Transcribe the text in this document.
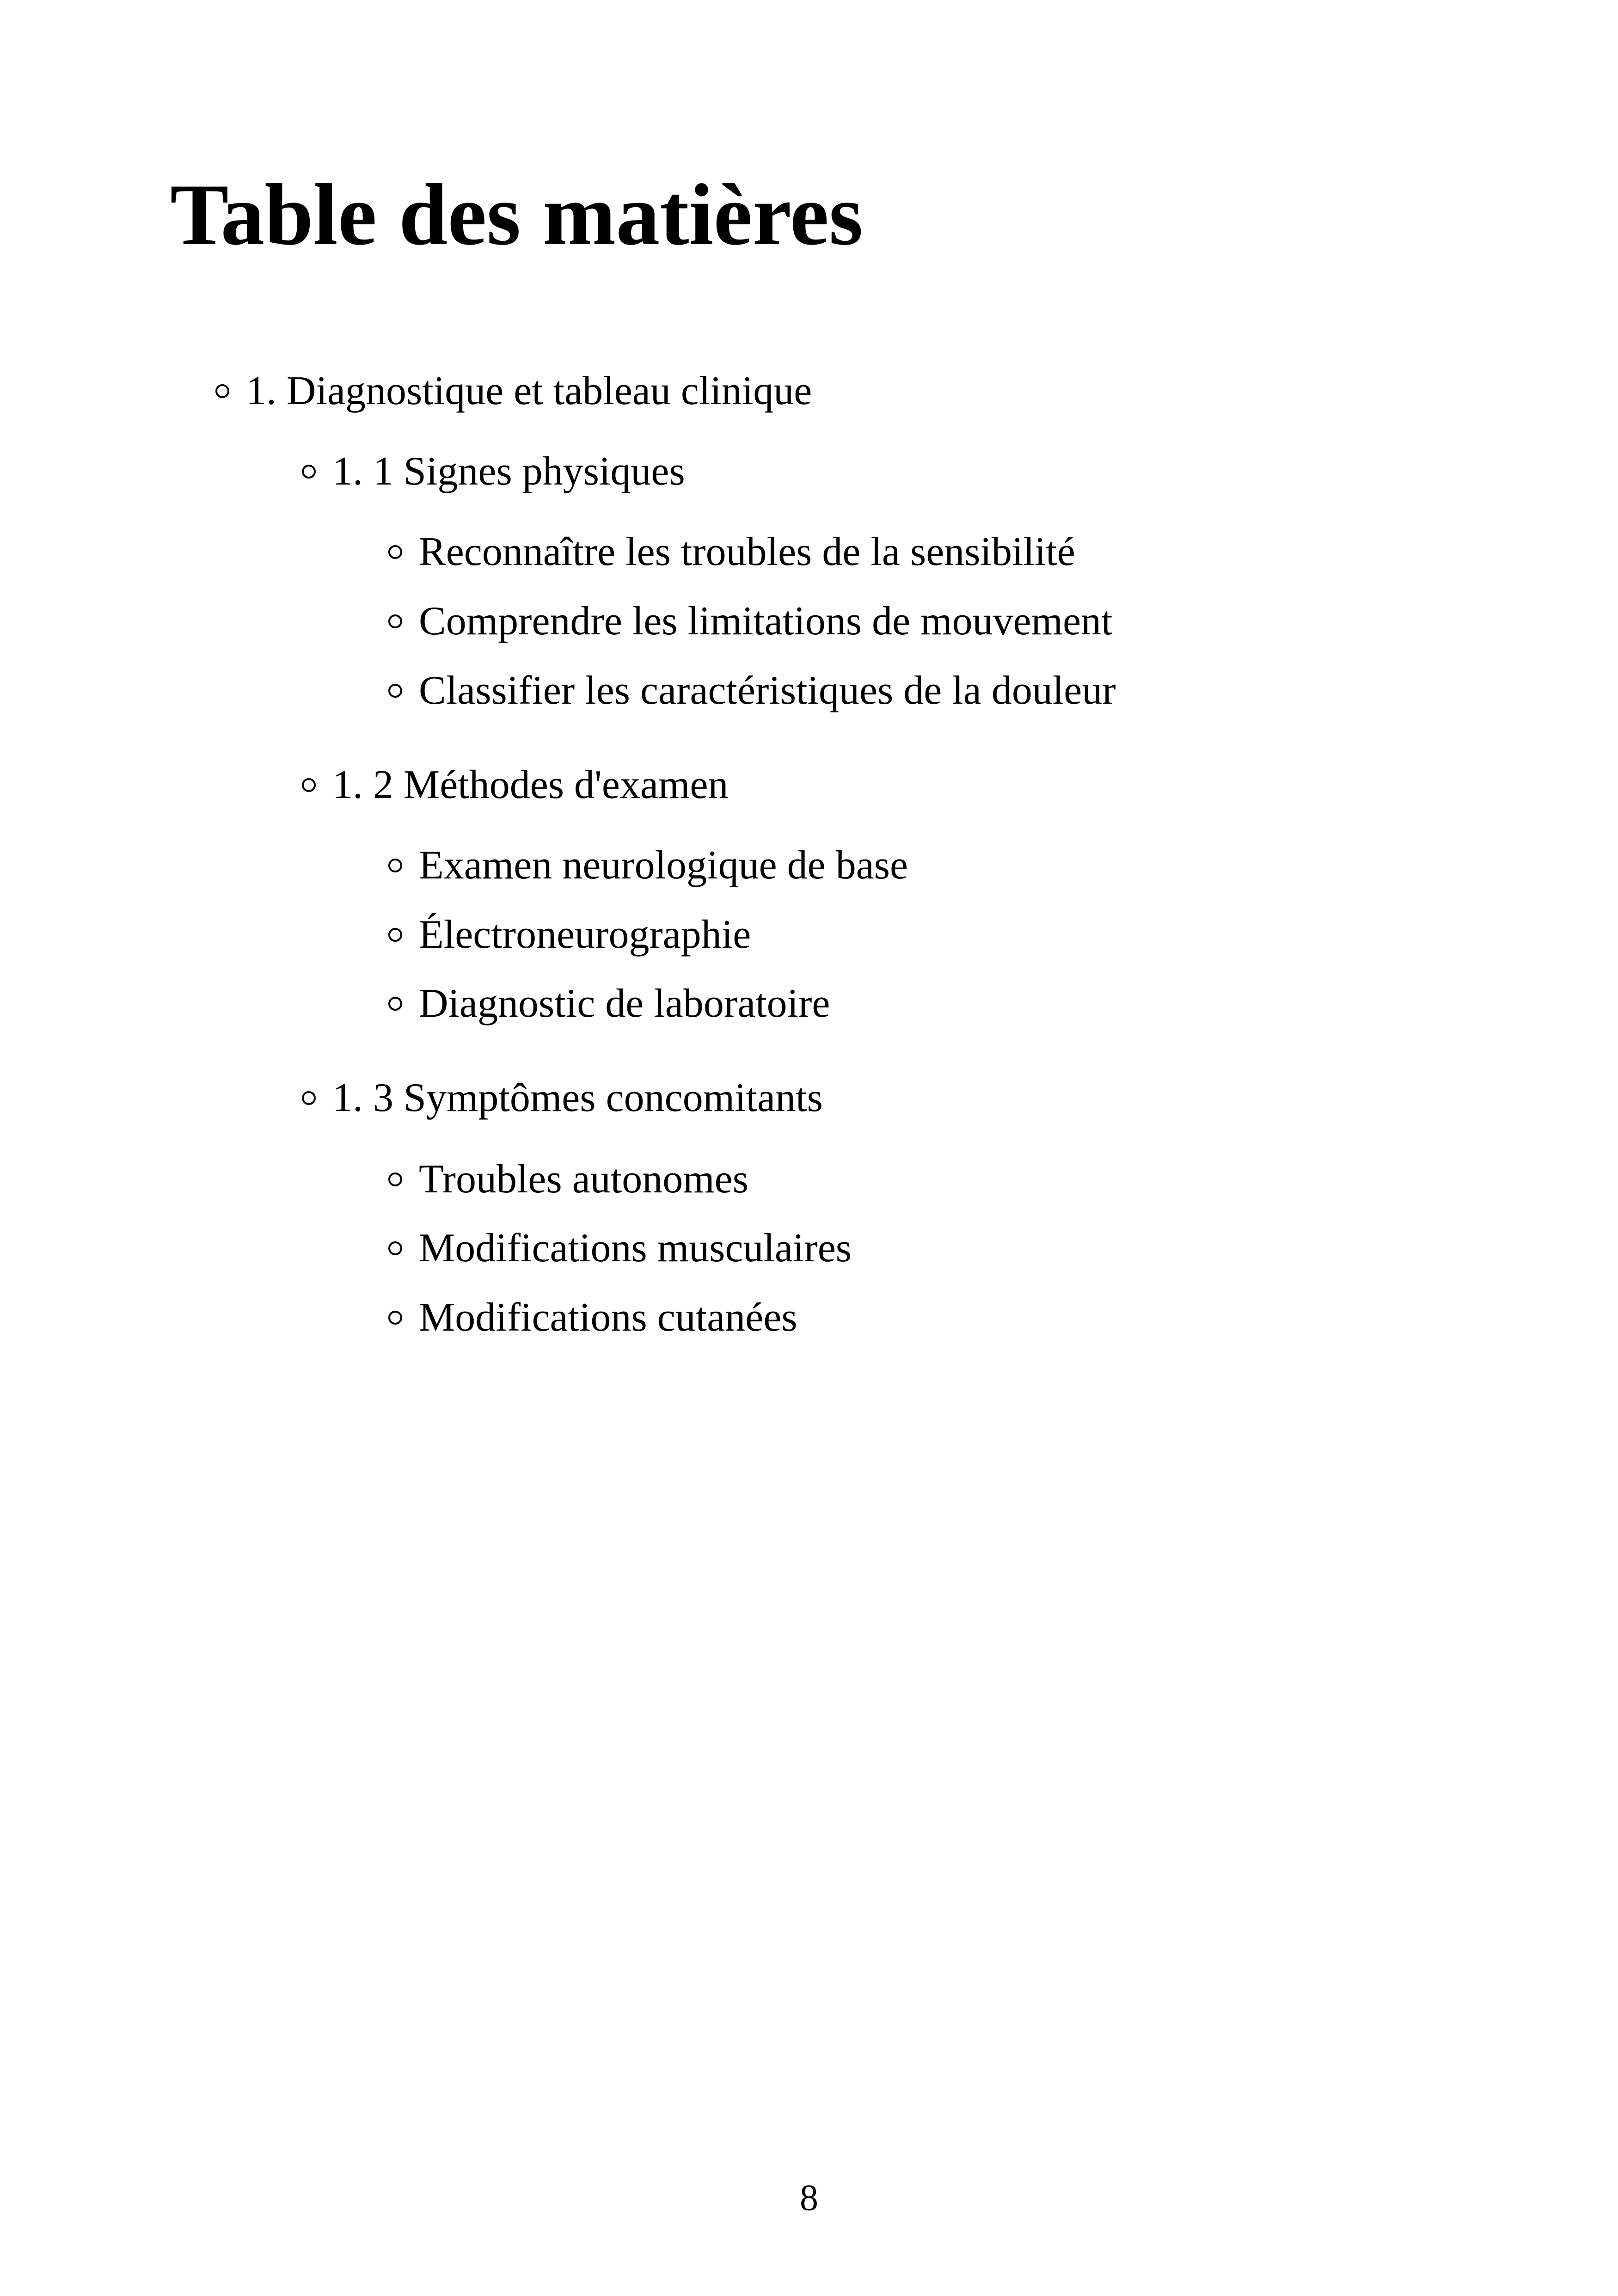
Table des matières
1. Diagnostique et tableau clinique
1. 1 Signes physiques
Reconnaître les troubles de la sensibilité
Comprendre les limitations de mouvement
Classifier les caractéristiques de la douleur
1. 2 Méthodes d'examen
Examen neurologique de base
Électroneurographie
Diagnostic de laboratoire
1. 3 Symptômes concomitants
Troubles autonomes
Modifications musculaires
Modifications cutanées
8
